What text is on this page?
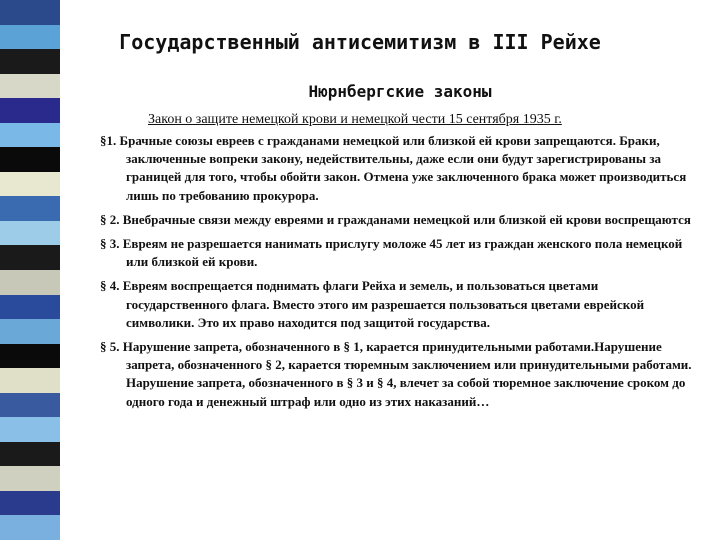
Государственный антисемитизм в III Рейхе
Нюрнбергские законы
Закон о защите немецкой крови и немецкой чести 15 сентября 1935 г.

§1. Брачные союзы евреев с гражданами немецкой или близкой ей крови запрещаются. Браки, заключенные вопреки закону, недействительны, даже если они будут зарегистрированы за границей для того, чтобы обойти закон. Отмена уже заключенного брака может производиться лишь по требованию прокурора.

§ 2. Внебрачные связи между евреями и гражданами немецкой или близкой ей крови воспрещаются

§ 3. Евреям не разрешается нанимать прислугу моложе 45 лет из граждан женского пола немецкой или близкой ей крови.

§ 4. Евреям воспрещается поднимать флаги Рейха и земель, и пользоваться цветами государственного флага. Вместо этого им разрешается пользоваться цветами еврейской символики. Это их право находится под защитой государства.

§ 5. Нарушение запрета, обозначенного в § 1, карается принудительными работами.Нарушение запрета, обозначенного § 2, карается тюремным заключением или принудительными работами. Нарушение запрета, обозначенного в § 3 и § 4, влечет за собой тюремное заключение сроком до одного года и денежный штраф или одно из этих наказаний…
